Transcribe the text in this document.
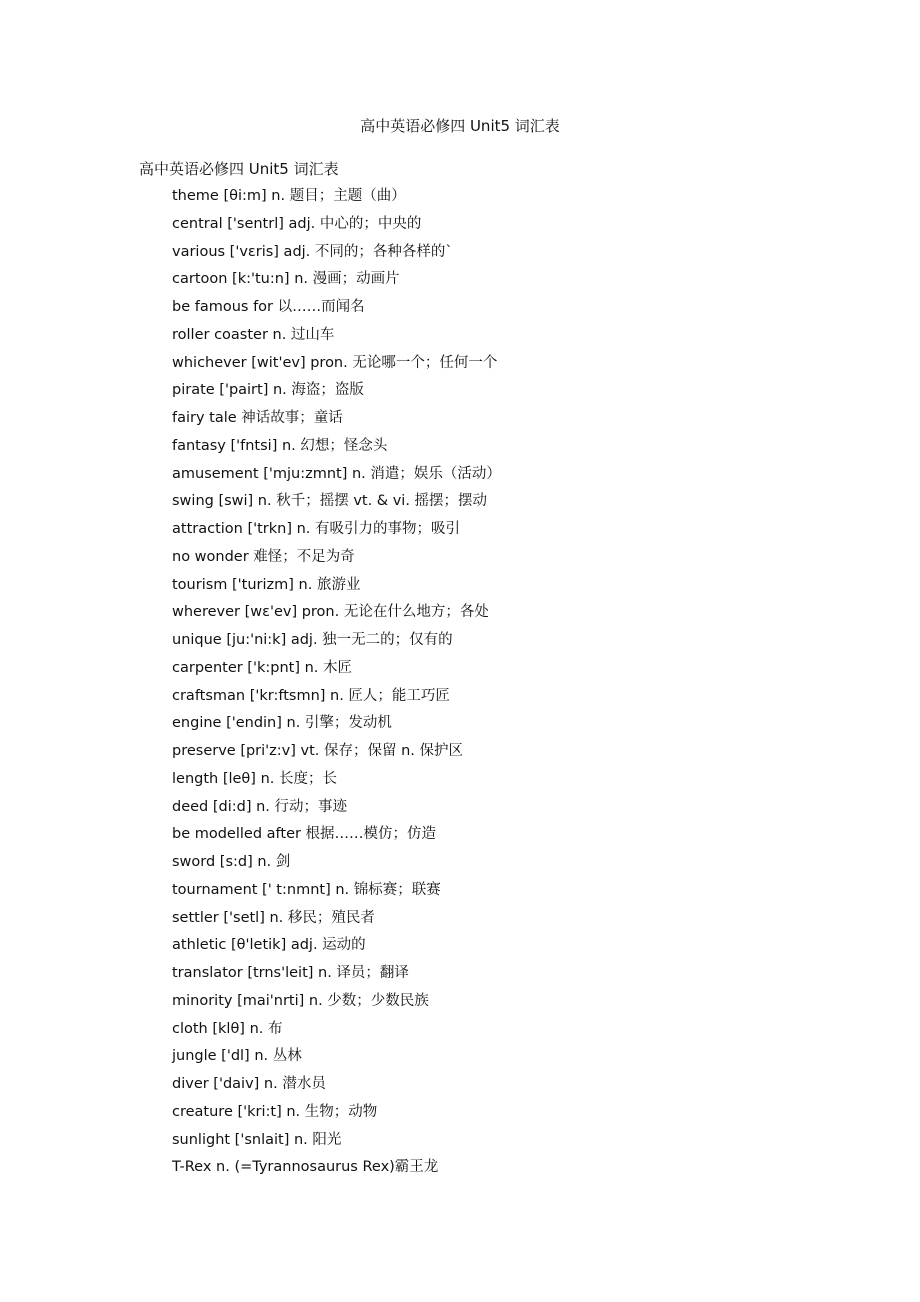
高中英语必修四 Unit5 词汇表
高中英语必修四 Unit5 词汇表
theme [θi:m] n. 题目；主题（曲）
central ['sentrl] adj. 中心的；中央的
various ['vɛris] adj. 不同的；各种各样的`
cartoon [k:'tu:n] n. 漫画；动画片
be famous for 以……而闻名
roller coaster n. 过山车
whichever [wit'ev] pron. 无论哪一个；任何一个
pirate ['pairt] n. 海盗；盗版
fairy tale 神话故事；童话
fantasy ['fntsi] n. 幻想；怪念头
amusement ['mju:zmnt] n. 消遣；娱乐（活动）
swing [swi] n. 秋千；摇摆 vt. & vi. 摇摆；摆动
attraction ['trkn] n. 有吸引力的事物；吸引
no wonder 难怪；不足为奇
tourism ['turizm] n. 旅游业
wherever [wɛ'ev] pron. 无论在什么地方；各处
unique [ju:'ni:k] adj. 独一无二的；仅有的
carpenter ['k:pnt] n. 木匠
craftsman ['kr:ftsmn] n. 匠人；能工巧匠
engine ['endin] n. 引擎；发动机
preserve [pri'z:v] vt. 保存；保留 n. 保护区
length [leθ] n. 长度；长
deed [di:d] n. 行动；事迹
be modelled after 根据……模仿；仿造
sword [s:d] n. 剑
tournament [' t:nmnt] n. 锦标赛；联赛
settler ['setl] n. 移民；殖民者
athletic [θ'letik] adj. 运动的
translator [trns'leit] n. 译员；翻译
minority [mai'nrti] n. 少数；少数民族
cloth [klθ] n. 布
jungle ['dl] n. 丛林
diver ['daiv] n. 潜水员
creature ['kri:t] n. 生物；动物
sunlight ['snlait] n. 阳光
T-Rex n. (=Tyrannosaurus Rex)霸王龙
